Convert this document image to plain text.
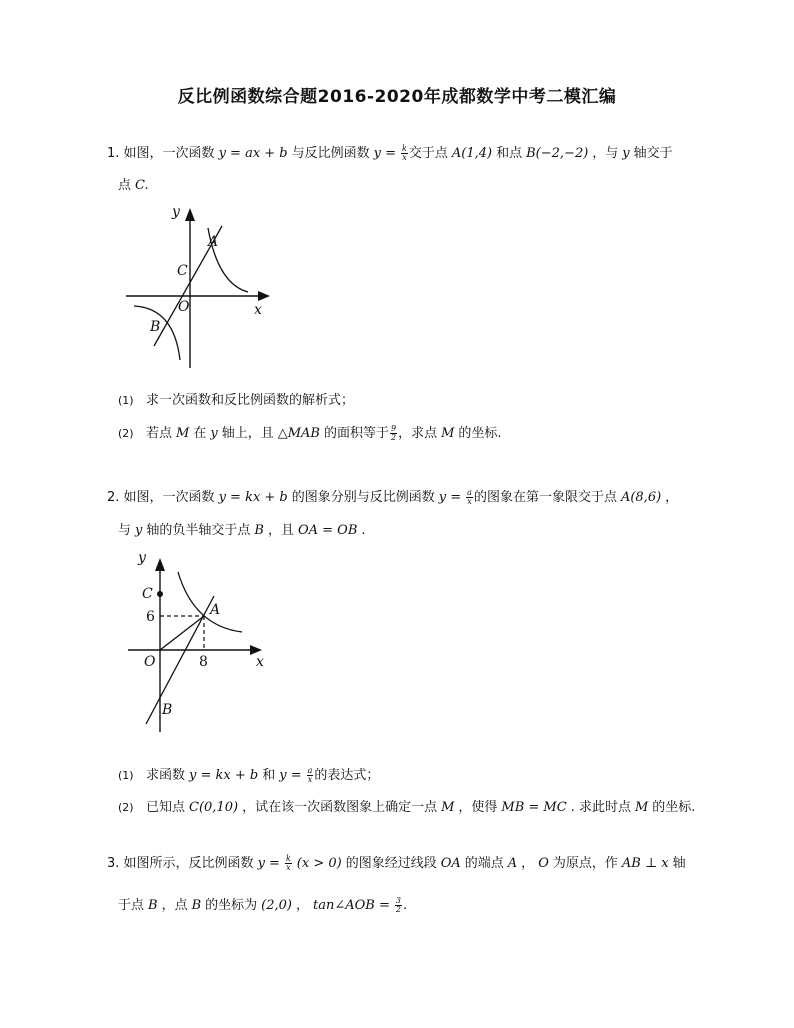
反比例函数综合题2016-2020年成都数学中考二模汇编
1. 如图，一次函数 y = ax + b 与反比例函数 $y = \frac{k}{x}$ 交于点 A(1,4) 和点 B(−2,−2) ，与 y 轴交于
点 C.
y
x
O
A
B
C
(1) 求一次函数和反比例函数的解析式；
(2) 若点 M 在 y 轴上，且 △MAB 的面积等于 $\frac{9}{2}$ ，求点 M 的坐标.
2. 如图，一次函数 y = kx + b 的图象分别与反比例函数 $y = \frac{a}{x}$ 的图象在第一象限交于点 A(8,6) ，
与 y 轴的负半轴交于点 B ，且 OA = OB .
y
x
O
A
B
C
6
8
(1) 求函数 y = kx + b 和 $y = \frac{a}{x}$ 的表达式；
(2) 已知点 C(0,10) ，试在该一次函数图象上确定一点 M ，使得 MB = MC . 求此时点 M 的坐标.
3. 如图所示，反比例函数 $y = \frac{k}{x} (x > 0)$ 的图象经过线段 OA 的端点 A ， O 为原点，作 AB ⊥ x 轴
于点 B ，点 B 的坐标为 (2,0) ， tan∠AOB = $\frac{3}{2}$ .
